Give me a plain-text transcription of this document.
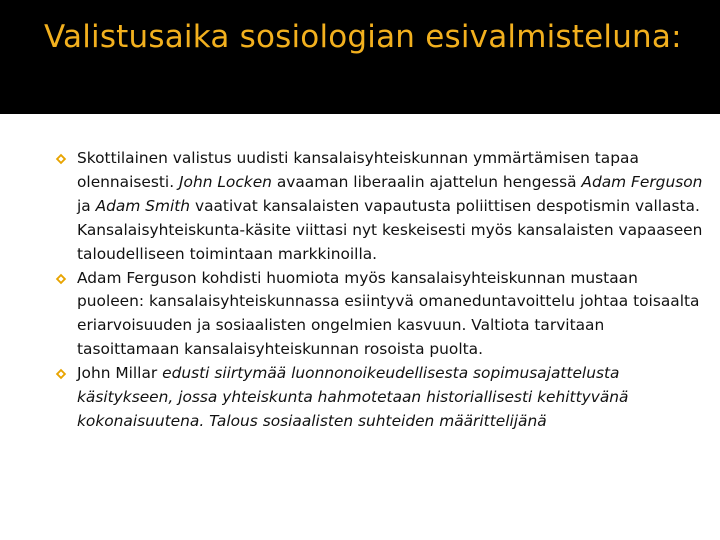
Valistusaika sosiologian esivalmisteluna:
Skottilainen valistus uudisti kansalaisyhteiskunnan ymmärtämisen tapaa olennaisesti. John Locken avaaman liberaalin ajattelun hengessä Adam Ferguson ja Adam Smith vaativat kansalaisten vapautusta poliittisen despotismin vallasta. Kansalaisyhteiskunta-käsite viittasi nyt keskeisesti myös kansalaisten vapaaseen taloudelliseen toimintaan markkinoilla.
Adam Ferguson kohdisti huomiota myös kansalaisyhteiskunnan mustaan puoleen: kansalaisyhteiskunnassa esiintyvä omaneduntavoittelu johtaa toisaalta eriarvoisuuden ja sosiaalisten ongelmien kasvuun. Valtiota tarvitaan tasoittamaan kansalaisyhteiskunnan rosoista puolta.
John Millar edusti siirtymää luonnonoikeudellisesta sopimusajattelusta käsitykseen, jossa yhteiskunta hahmotetaan historiallisesti kehittyvänä kokonaisuutena. Talous sosiaalisten suhteiden määrittelijänä
